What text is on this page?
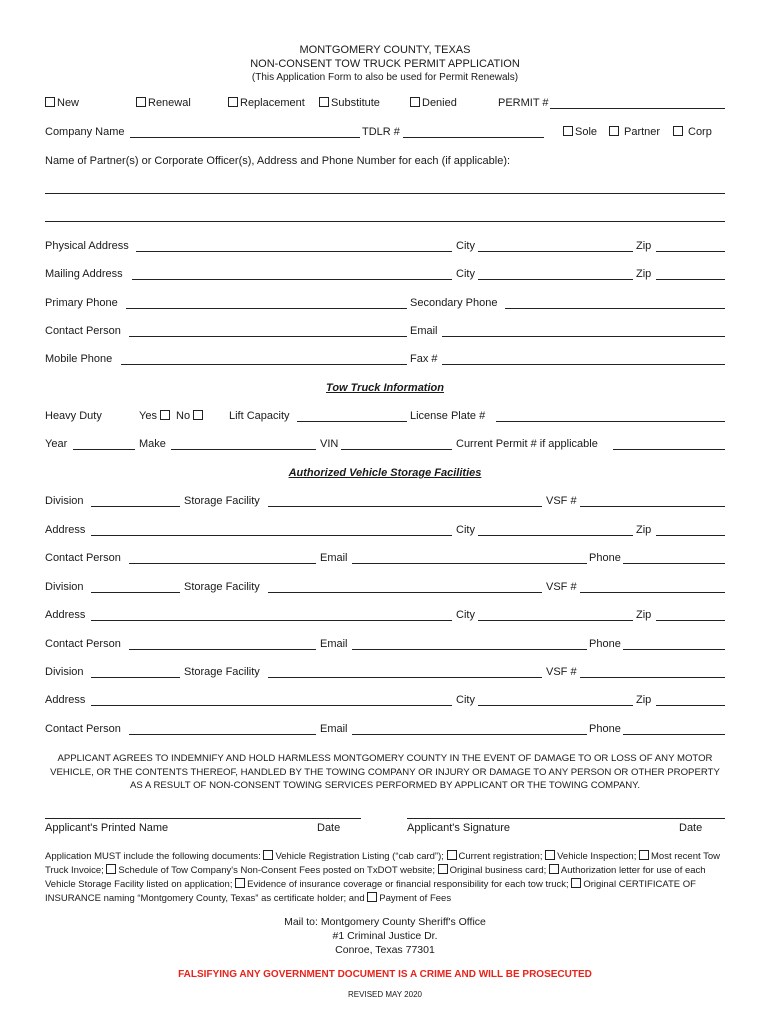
MONTGOMERY COUNTY, TEXAS
NON-CONSENT TOW TRUCK PERMIT APPLICATION
(This Application Form to also be used for Permit Renewals)
New	Renewal	Replacement	Substitute	Denied	PERMIT #
Company Name	TDLR #	Sole	Partner	Corp
Name of Partner(s) or Corporate Officer(s), Address and Phone Number for each (if applicable):
Physical Address	City	Zip
Mailing Address	City	Zip
Primary Phone	Secondary Phone
Contact Person	Email
Mobile Phone	Fax #
Tow Truck Information
Heavy Duty	Yes	No	Lift Capacity	License Plate #
Year	Make	VIN	Current Permit # if applicable
Authorized Vehicle Storage Facilities
Division	Storage Facility	VSF #
Address	City	Zip
Contact Person	Email	Phone
Division	Storage Facility	VSF #
Address	City	Zip
Contact Person	Email	Phone
Division	Storage Facility	VSF #
Address	City	Zip
Contact Person	Email	Phone
APPLICANT AGREES TO INDEMNIFY AND HOLD HARMLESS MONTGOMERY COUNTY IN THE EVENT OF DAMAGE TO OR LOSS OF ANY MOTOR
VEHICLE, OR THE CONTENTS THEREOF, HANDLED BY THE TOWING COMPANY OR INJURY OR DAMAGE TO ANY PERSON OR OTHER PROPERTY
AS A RESULT OF NON-CONSENT TOWING SERVICES PERFORMED BY APPLICANT OR THE TOWING COMPANY.
Applicant's Printed Name	Date	Applicant's Signature	Date
Application MUST include the following documents: Vehicle Registration Listing (“cab card”); Current registration; Vehicle Inspection; Most recent Tow Truck Invoice; Schedule of Tow Company's Non-Consent Fees posted on TxDOT website; Original business card; Authorization letter for use of each Vehicle Storage Facility listed on application; Evidence of insurance coverage or financial responsibility for each tow truck; Original CERTIFICATE OF INSURANCE naming “Montgomery County, Texas” as certificate holder; and Payment of Fees
Mail to: Montgomery County Sheriff's Office
#1 Criminal Justice Dr.
Conroe, Texas 77301
FALSIFYING ANY GOVERNMENT DOCUMENT IS A CRIME AND WILL BE PROSECUTED
REVISED MAY 2020
